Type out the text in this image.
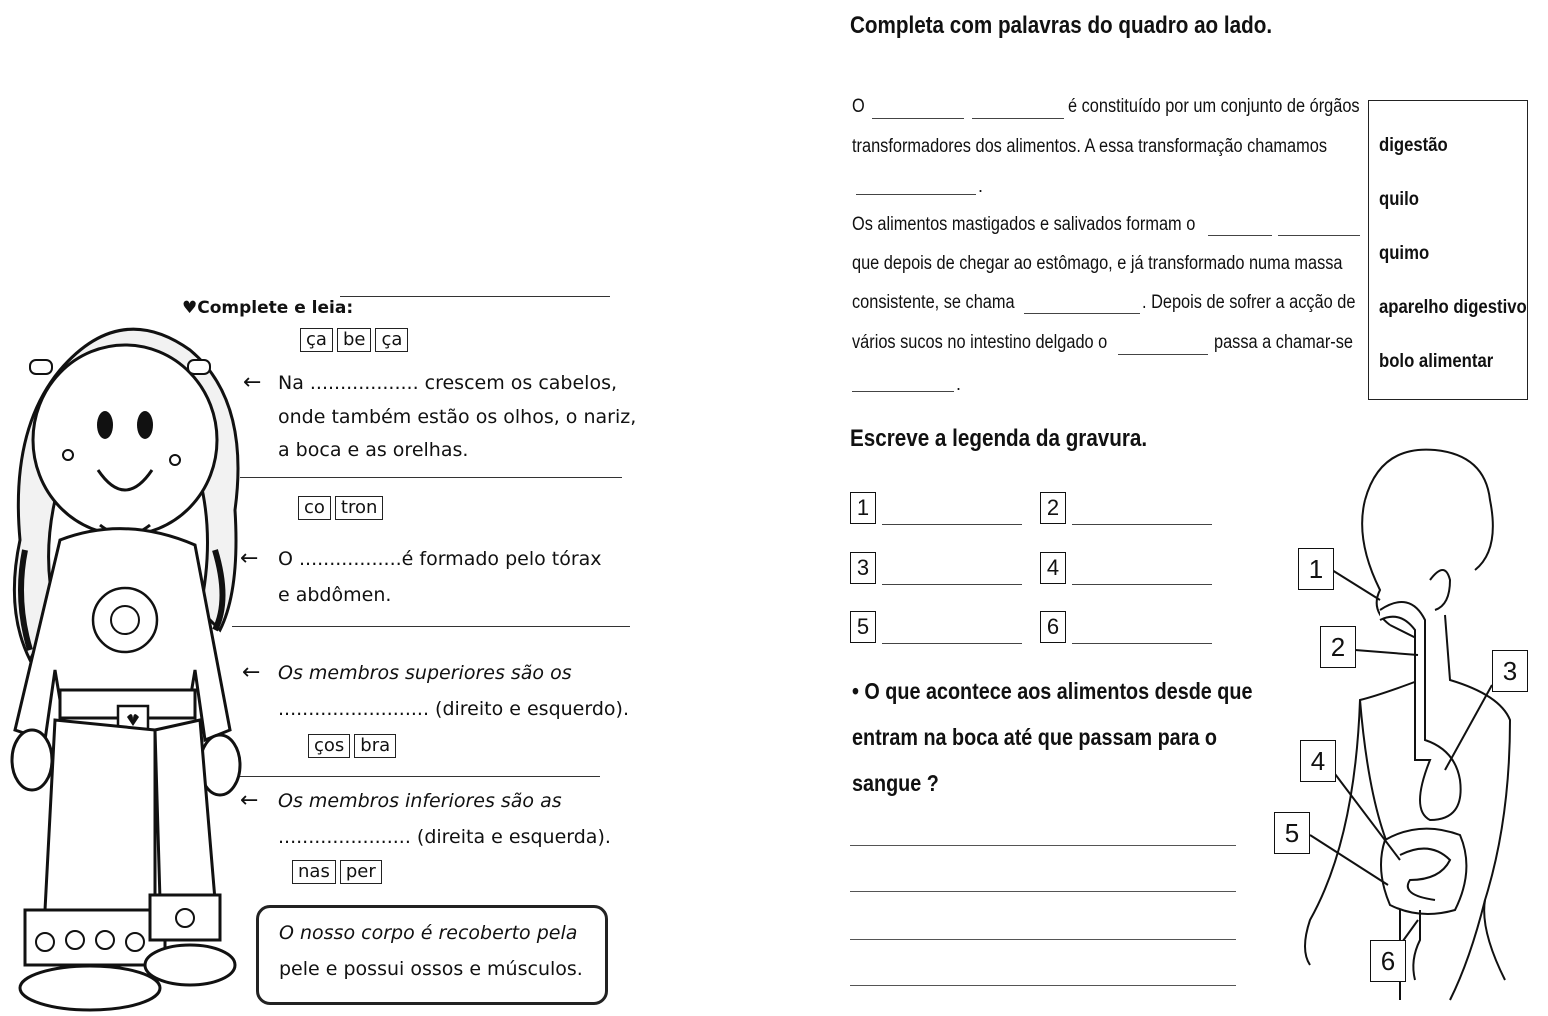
♥Complete e leia:
ça be ça
← Na .................. crescem os cabelos,
onde também estão os olhos, o nariz,
a boca e as orelhas.
co tron
← O .................é formado pelo tórax
e abdômen.
← Os membros superiores são os
......................... (direito e esquerdo).
ços bra
← Os membros inferiores são as
...................... (direita e esquerda).
nas per
O nosso corpo é recoberto pela
pele e possui ossos e músculos.
Completa com palavras do quadro ao lado.
O	é constituído por um conjunto de órgãos
transformadores dos alimentos. A essa transformação chamamos
.
Os alimentos mastigados e salivados formam o
que depois de chegar ao estômago, e já transformado numa massa
consistente, se chama	. Depois de sofrer a acção de
vários sucos no intestino delgado o	passa a chamar-se
.
digestão
quilo
quimo
aparelho digestivo
bolo alimentar
Escreve a legenda da gravura.
1	2
3	4
5	6
• O que acontece aos alimentos desde que
entram na boca até que passam para o
sangue ?
1
2
3
4
5
6
